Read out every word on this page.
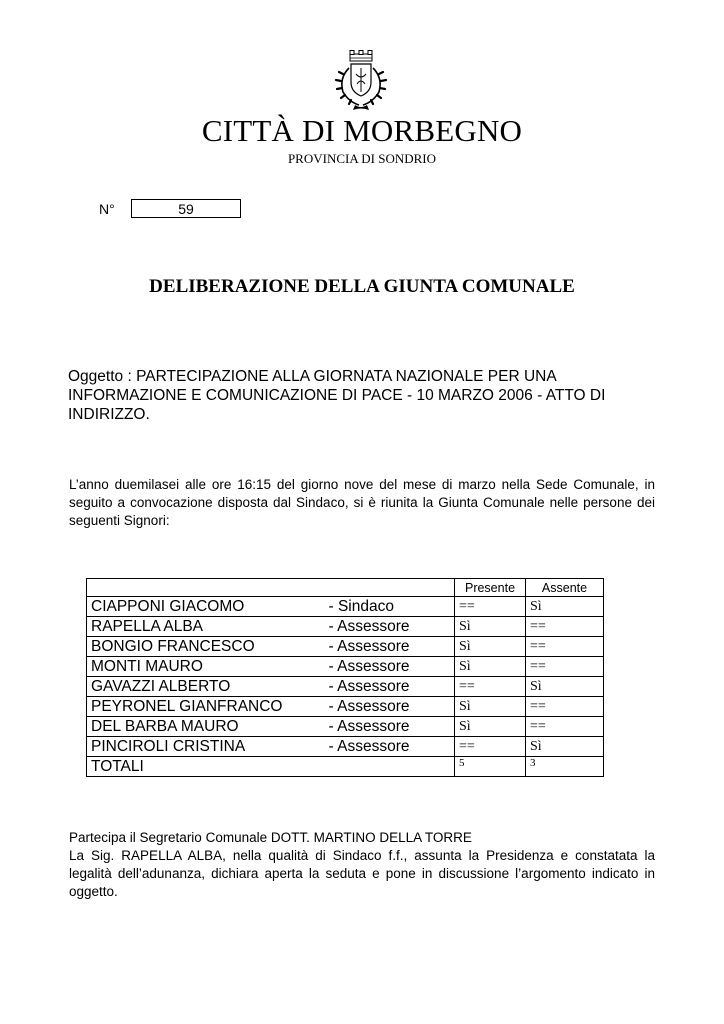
CITTÀ DI MORBEGNO
PROVINCIA DI SONDRIO
N°	59
DELIBERAZIONE DELLA GIUNTA COMUNALE
Oggetto : PARTECIPAZIONE ALLA GIORNATA NAZIONALE PER UNA INFORMAZIONE E COMUNICAZIONE DI PACE - 10 MARZO 2006 - ATTO DI INDIRIZZO.
L’anno duemilasei alle ore 16:15 del giorno nove del mese di marzo nella Sede Comunale, in seguito a convocazione disposta dal Sindaco, si è riunita la Giunta Comunale nelle persone dei seguenti Signori:
		Presente	Assente
CIAPPONI GIACOMO	- Sindaco	==	Sì
RAPELLA ALBA	- Assessore	Sì	==
BONGIO FRANCESCO	- Assessore	Sì	==
MONTI MAURO	- Assessore	Sì	==
GAVAZZI ALBERTO	- Assessore	==	Sì
PEYRONEL GIANFRANCO	- Assessore	Sì	==
DEL BARBA MAURO	- Assessore	Sì	==
PINCIROLI CRISTINA	- Assessore	==	Sì
TOTALI		5	3

Partecipa il Segretario Comunale DOTT. MARTINO DELLA TORRE

La Sig. RAPELLA ALBA, nella qualità di Sindaco f.f., assunta la Presidenza e constatata la legalità dell’adunanza, dichiara aperta la seduta e pone in discussione l’argomento indicato in oggetto.
